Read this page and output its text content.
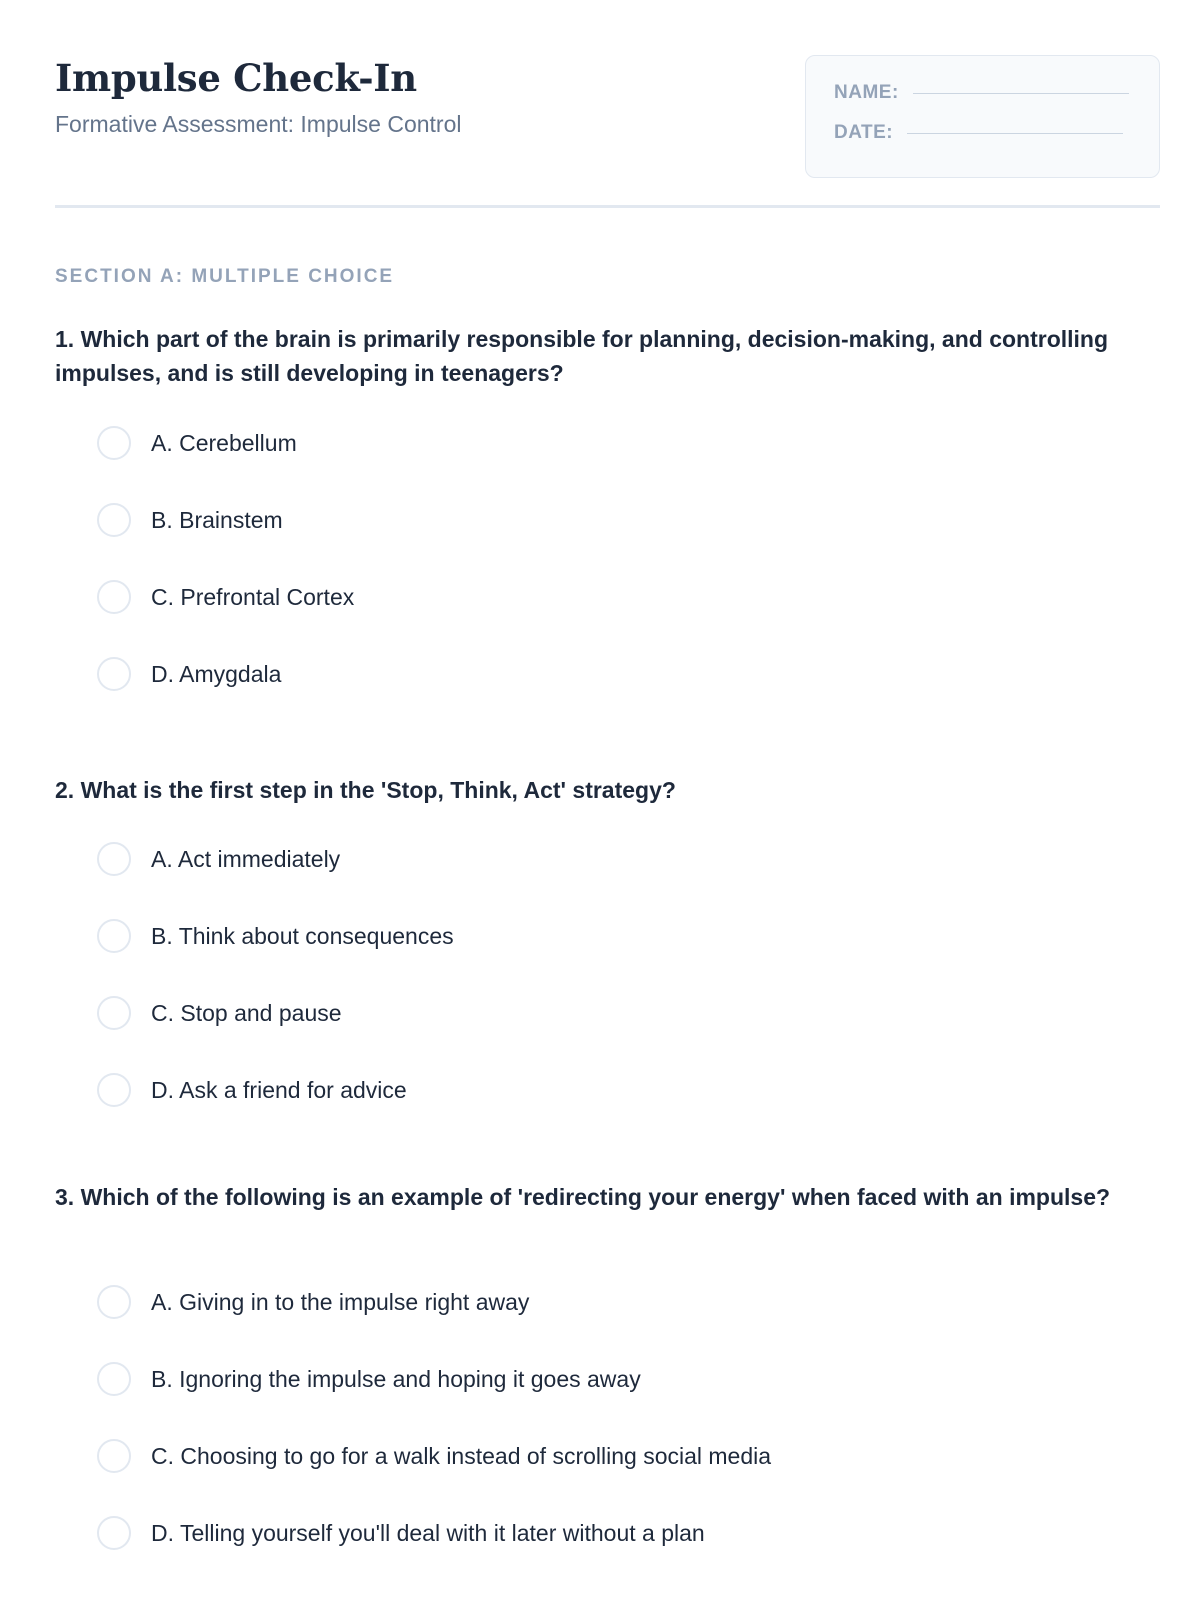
Impulse Check-In
Formative Assessment: Impulse Control
NAME:
DATE:
SECTION A: MULTIPLE CHOICE
1. Which part of the brain is primarily responsible for planning, decision-making, and controlling impulses, and is still developing in teenagers?
A. Cerebellum
B. Brainstem
C. Prefrontal Cortex
D. Amygdala
2. What is the first step in the 'Stop, Think, Act' strategy?
A. Act immediately
B. Think about consequences
C. Stop and pause
D. Ask a friend for advice
3. Which of the following is an example of 'redirecting your energy' when faced with an impulse?
A. Giving in to the impulse right away
B. Ignoring the impulse and hoping it goes away
C. Choosing to go for a walk instead of scrolling social media
D. Telling yourself you'll deal with it later without a plan
